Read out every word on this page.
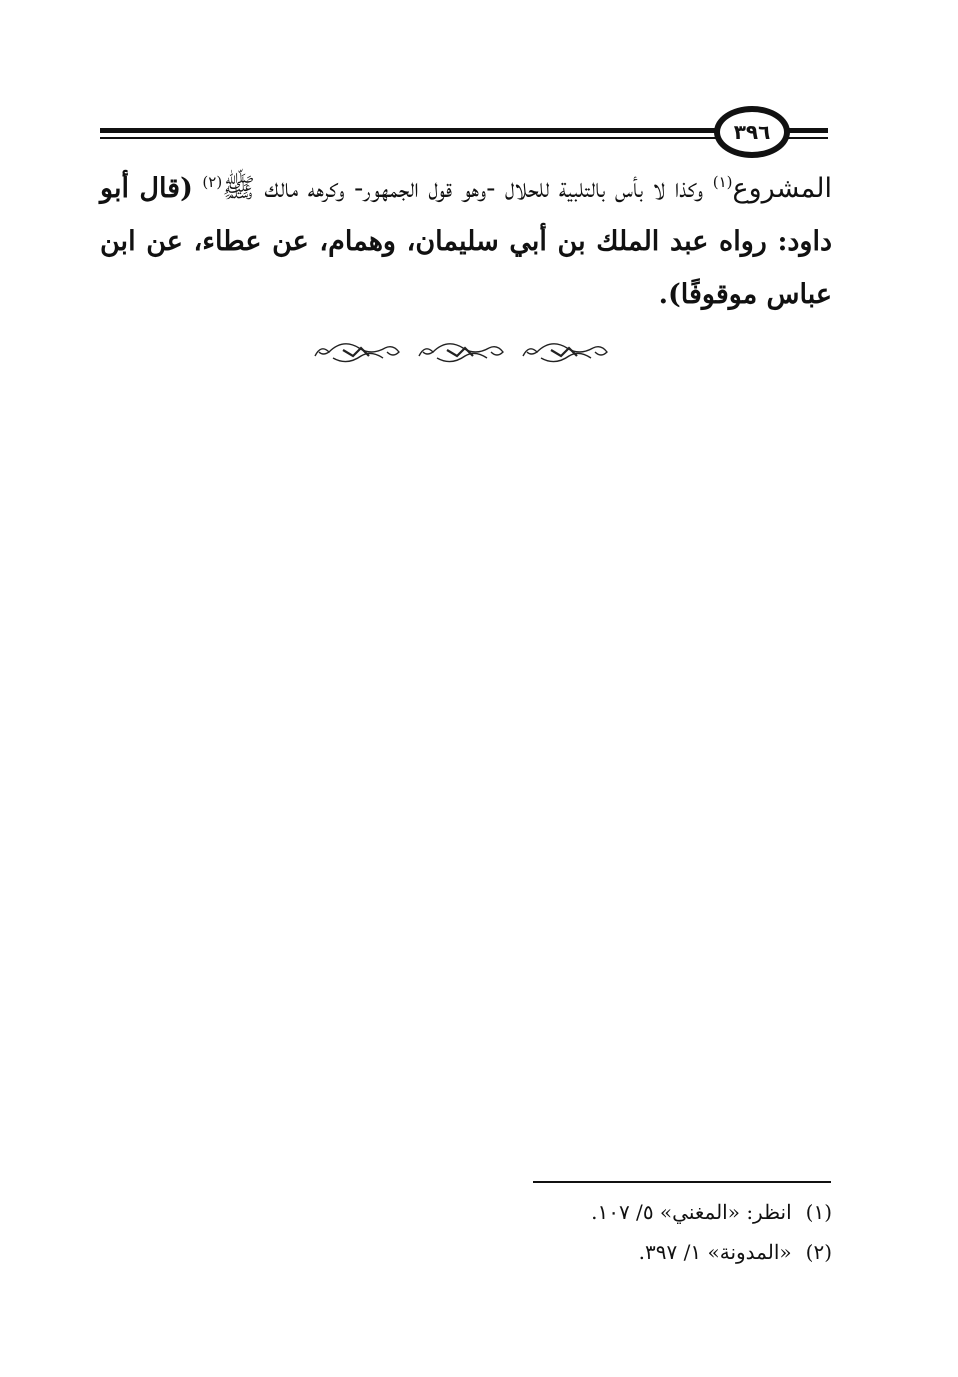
٣٩٦
المشروع$^{(١)}$ وكذا لا بأس بالتلبية للحلال -وهو قول الجمهور- وكرهه مالك ﷺ$^{(٢)}$ (قال أبو داود: رواه عبد الملك بن أبي سليمان، وهمام، عن عطاء، عن ابن عباس موقوفًا).
(١)انظر: «المغني» ٥/ ١٠٧.
(٢)«المدونة» ١/ ٣٩٧.
